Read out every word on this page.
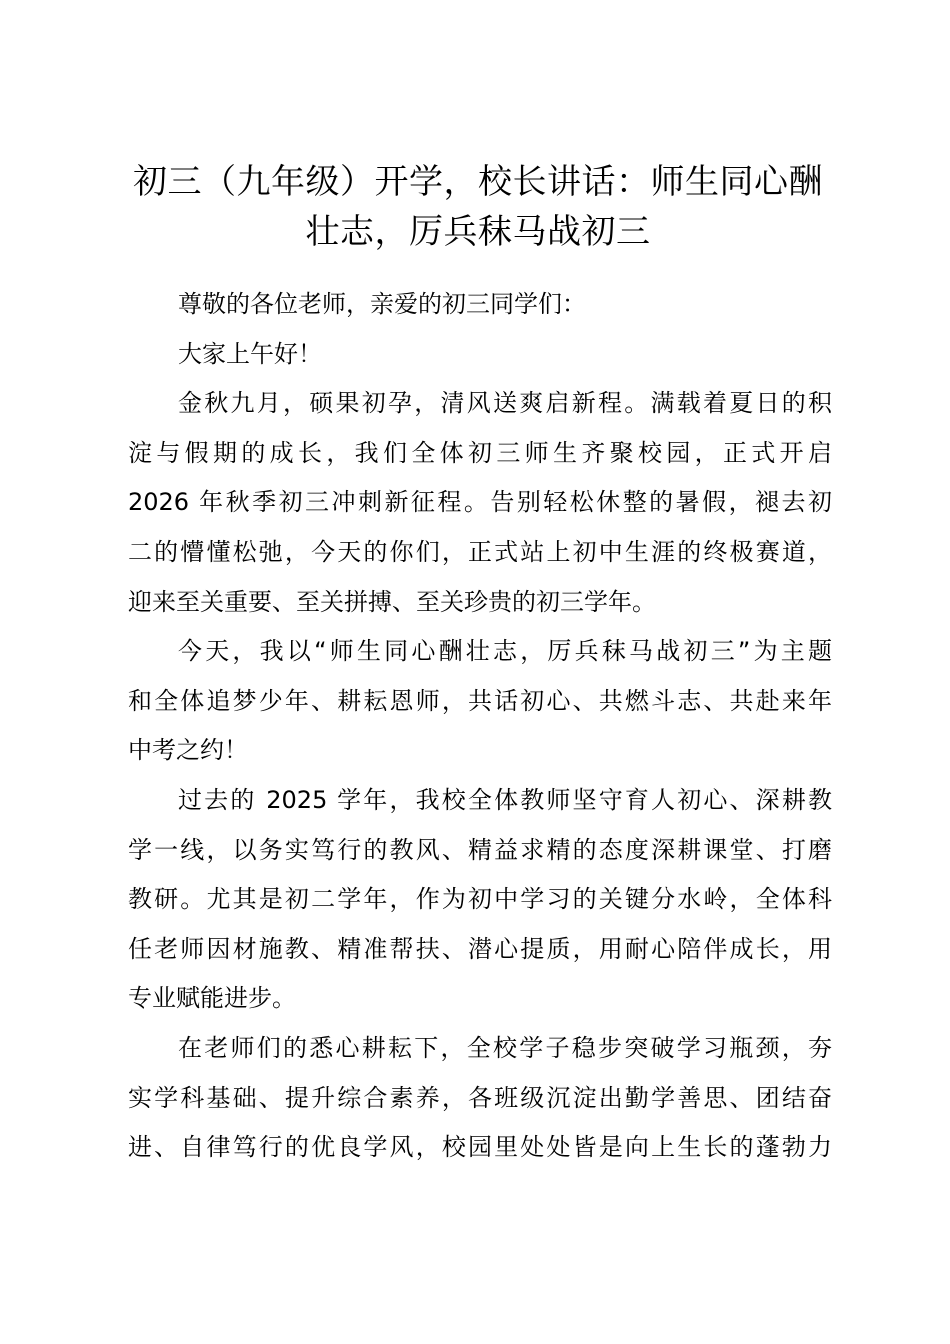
初三（九年级）开学，校长讲话：师生同心酬
壮志，厉兵秣马战初三

尊敬的各位老师，亲爱的初三同学们：

大家上午好！

金秋九月，硕果初孕，清风送爽启新程。满载着夏日的积
淀与假期的成长，我们全体初三师生齐聚校园，正式开启
2026 年秋季初三冲刺新征程。告别轻松休整的暑假，褪去初
二的懵懂松弛，今天的你们，正式站上初中生涯的终极赛道，
迎来至关重要、至关拼搏、至关珍贵的初三学年。

今天，我以“师生同心酬壮志，厉兵秣马战初三”为主题
和全体追梦少年、耕耘恩师，共话初心、共燃斗志、共赴来年
中考之约！

过去的 2025 学年，我校全体教师坚守育人初心、深耕教
学一线，以务实笃行的教风、精益求精的态度深耕课堂、打磨
教研。尤其是初二学年，作为初中学习的关键分水岭，全体科
任老师因材施教、精准帮扶、潜心提质，用耐心陪伴成长，用
专业赋能进步。

在老师们的悉心耕耘下，全校学子稳步突破学习瓶颈，夯
实学科基础、提升综合素养，各班级沉淀出勤学善思、团结奋
进、自律笃行的优良学风，校园里处处皆是向上生长的蓬勃力
